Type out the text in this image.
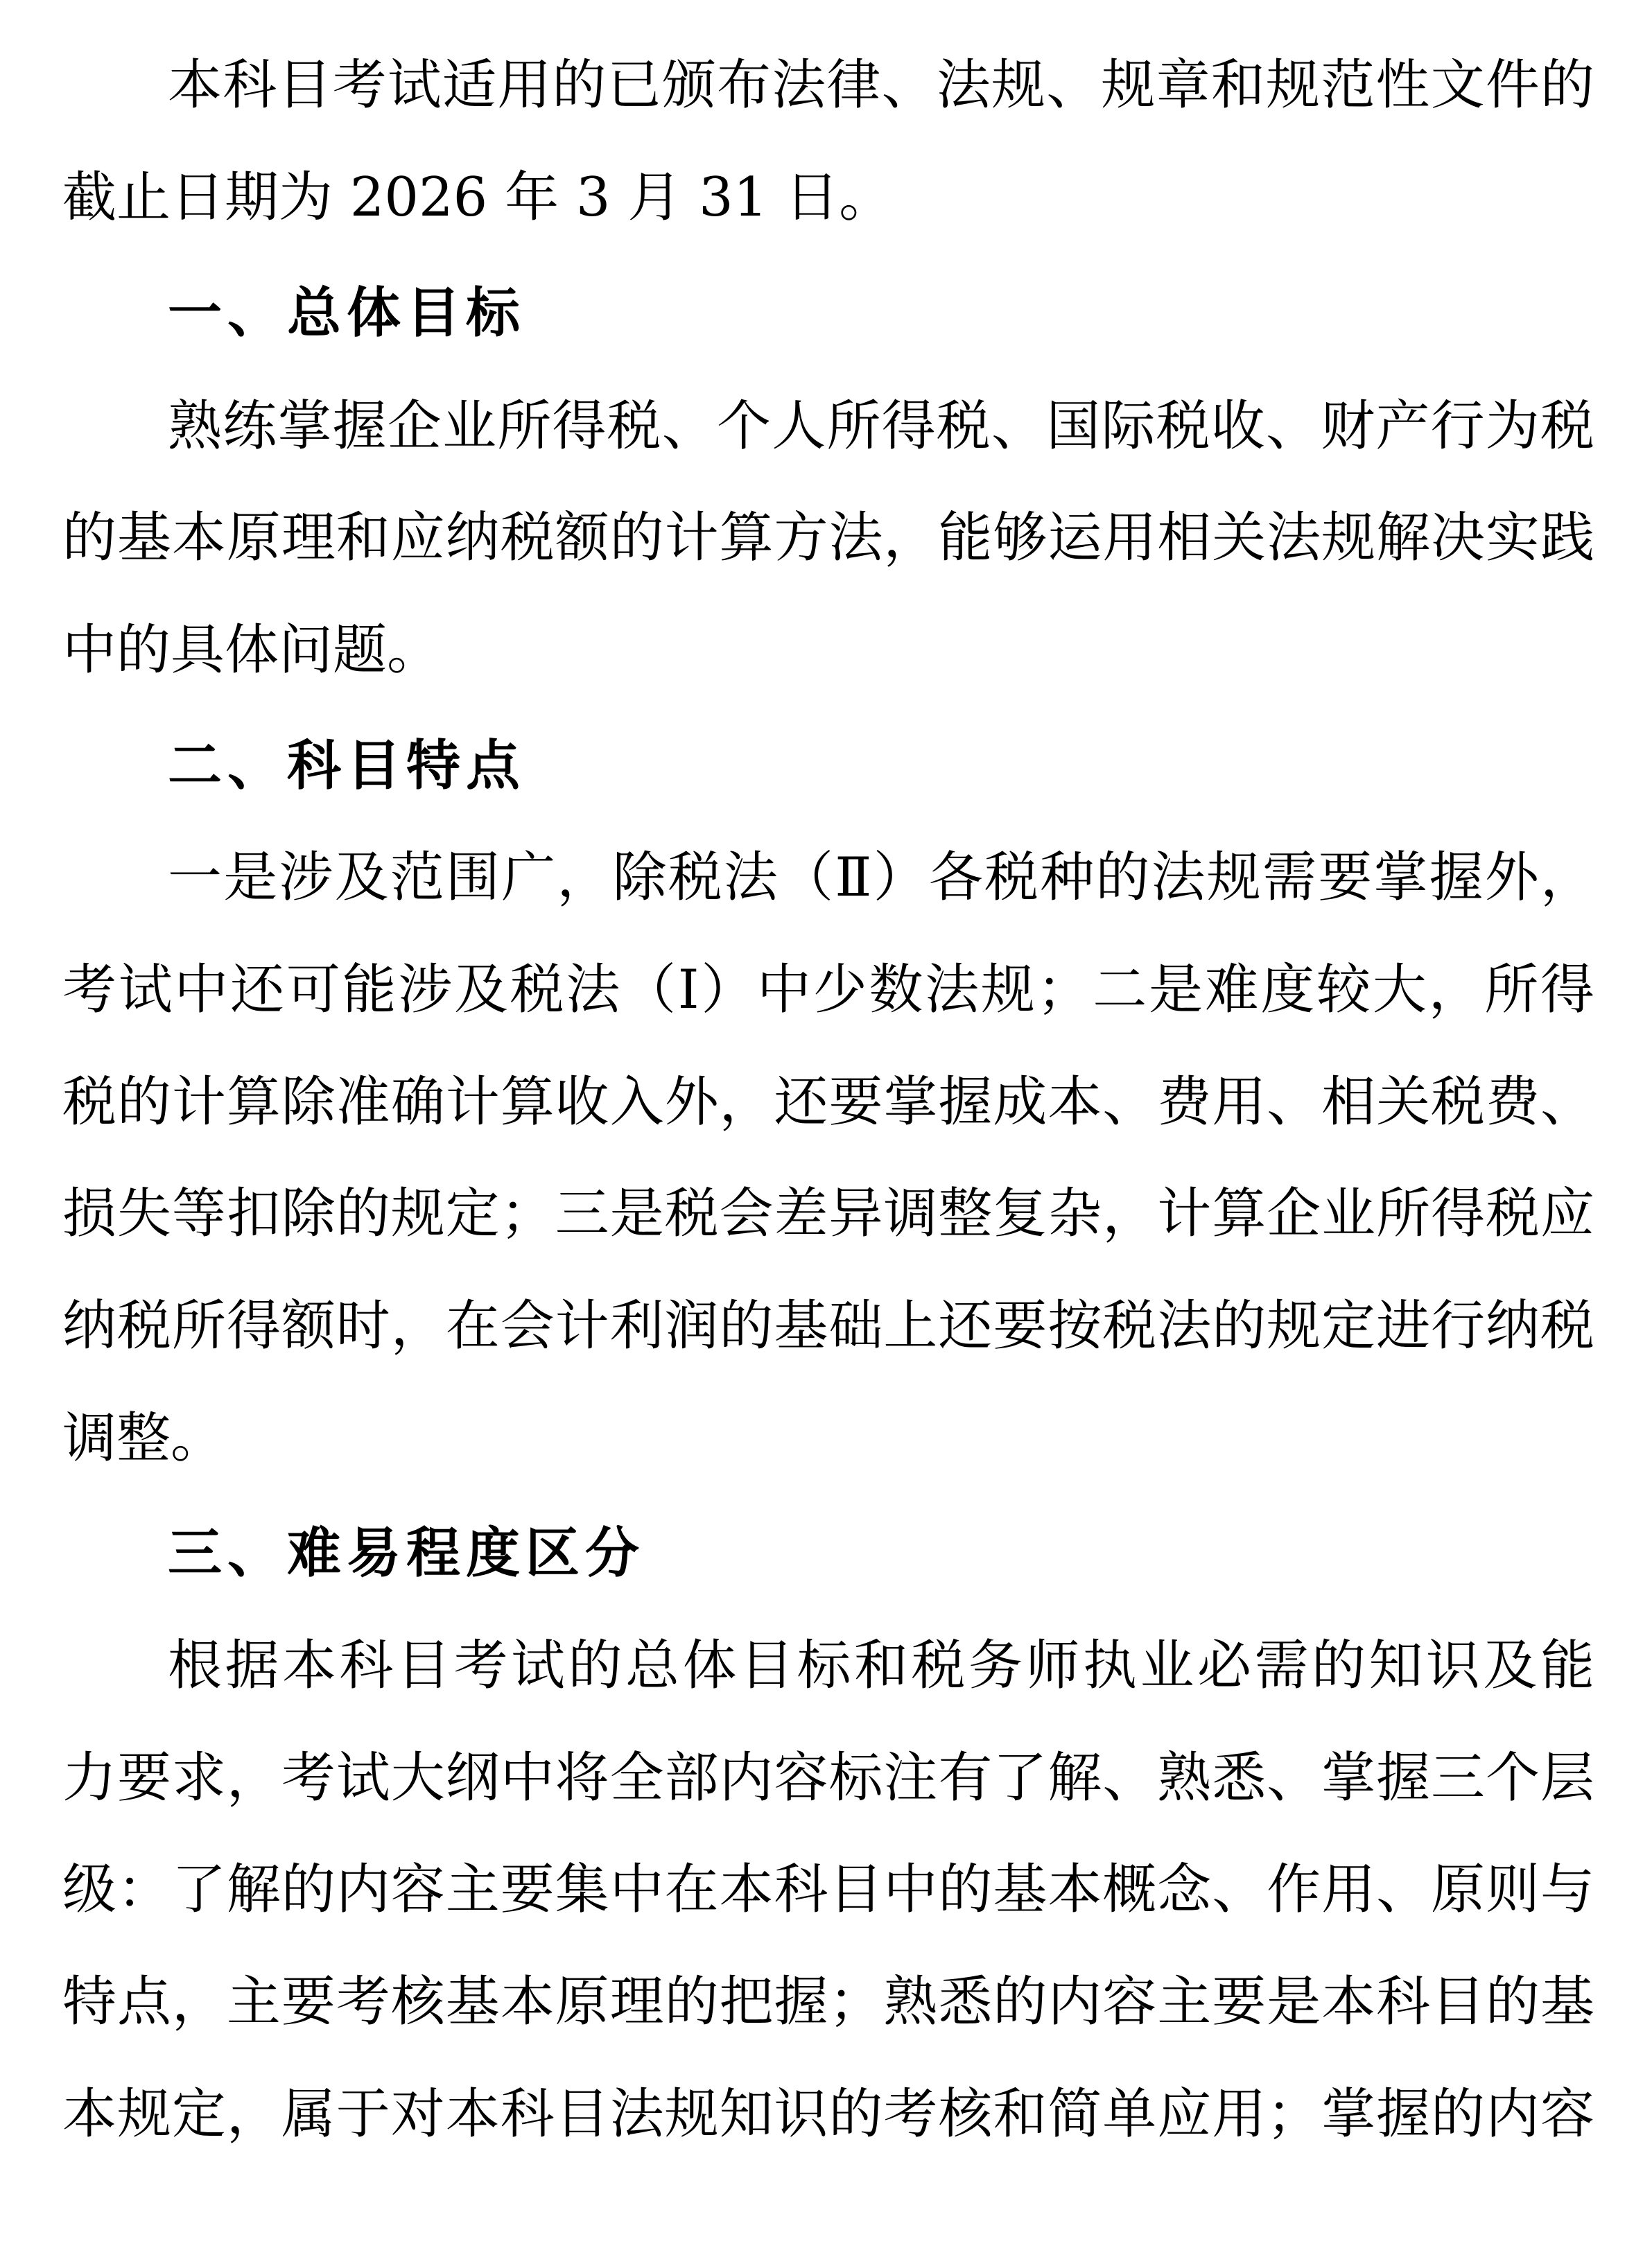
本科目考试适用的已颁布法律、法规、规章和规范性文件的
截止日期为 2026 年 3 月 31 日。
一、总体目标
熟练掌握企业所得税、个人所得税、国际税收、财产行为税
的基本原理和应纳税额的计算方法，能够运用相关法规解决实践
中的具体问题。
二、科目特点
一是涉及范围广，除税法（Ⅱ）各税种的法规需要掌握外，
考试中还可能涉及税法（Ⅰ）中少数法规；二是难度较大，所得
税的计算除准确计算收入外，还要掌握成本、费用、相关税费、
损失等扣除的规定；三是税会差异调整复杂，计算企业所得税应
纳税所得额时，在会计利润的基础上还要按税法的规定进行纳税
调整。
三、难易程度区分
根据本科目考试的总体目标和税务师执业必需的知识及能
力要求，考试大纲中将全部内容标注有了解、熟悉、掌握三个层
级：了解的内容主要集中在本科目中的基本概念、作用、原则与
特点，主要考核基本原理的把握；熟悉的内容主要是本科目的基
本规定，属于对本科目法规知识的考核和简单应用；掌握的内容
